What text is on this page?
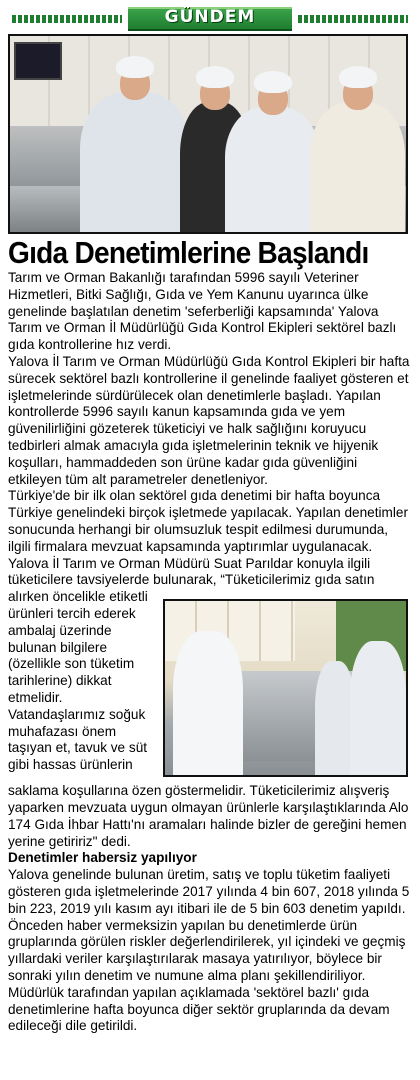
GÜNDEM
Gıda Denetimlerine Başlandı

Tarım ve Orman Bakanlığı tarafından 5996 sayılı Veteriner Hizmetleri, Bitki Sağlığı, Gıda ve Yem Kanunu uyarınca ülke genelinde başlatılan denetim 'seferberliği kapsamında' Yalova Tarım ve Orman İl Müdürlüğü Gıda Kontrol Ekipleri sektörel bazlı gıda kontrollerine hız verdi.

Yalova İl Tarım ve Orman Müdürlüğü Gıda Kontrol Ekipleri bir hafta sürecek sektörel bazlı kontrollerine il genelinde faaliyet gösteren et işletmelerinde sürdürülecek olan denetimlerle başladı. Yapılan kontrollerde 5996 sayılı kanun kapsamında gıda ve yem güvenilirliğini gözeterek tüketiciyi ve halk sağlığını koruyucu tedbirleri almak amacıyla gıda işletmelerinin teknik ve hijyenik koşulları, hammaddeden son ürüne kadar gıda güvenliğini etkileyen tüm alt parametreler denetleniyor.

Türkiye'de bir ilk olan sektörel gıda denetimi bir hafta boyunca Türkiye genelindeki birçok işletmede yapılacak. Yapılan denetimler sonucunda herhangi bir olumsuzluk tespit edilmesi durumunda, ilgili firmalara mevzuat kapsamında yaptırımlar uygulanacak.

Yalova İl Tarım ve Orman Müdürü Suat Parıldar konuyla ilgili tüketicilere tavsiyelerde bulunarak, “Tüketicilerimiz gıda satın

alırken öncelikle etiketli ürünleri tercih ederek ambalaj üzerinde bulunan bilgilere (özellikle son tüketim tarihlerine) dikkat etmelidir. Vatandaşlarımız soğuk muhafazası önem taşıyan et, tavuk ve süt gibi hassas ürünlerin

saklama koşullarına özen göstermelidir. Tüketicilerimiz alışveriş yaparken mevzuata uygun olmayan ürünlerle karşılaştıklarında Alo 174 Gıda İhbar Hattı'nı aramaları halinde bizler de gereğini hemen yerine getiririz" dedi.

Denetimler habersiz yapılıyor

Yalova genelinde bulunan üretim, satış ve toplu tüketim faaliyeti gösteren gıda işletmelerinde 2017 yılında 4 bin 607, 2018 yılında 5 bin 223, 2019 yılı kasım ayı itibari ile de 5 bin 603 denetim yapıldı. Önceden haber vermeksizin yapılan bu denetimlerde ürün gruplarında görülen riskler değerlendirilerek, yıl içindeki ve geçmiş yıllardaki veriler karşılaştırılarak masaya yatırılıyor, böylece bir sonraki yılın denetim ve numune alma planı şekillendiriliyor. Müdürlük tarafından yapılan açıklamada 'sektörel bazlı' gıda denetimlerine hafta boyunca diğer sektör gruplarında da devam edileceği dile getirildi.
